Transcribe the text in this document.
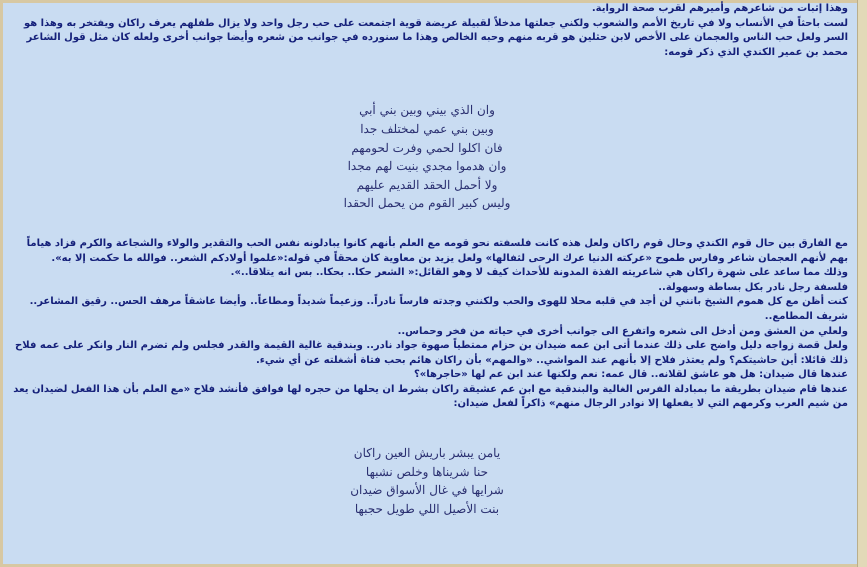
وهذا إثبات من شاعرهم وأميرهم لقرب صحة الرواية.

لست باحثاً في الأنساب ولا في تاريخ الأمم والشعوب ولكني جعلتها مدخلاً لقبيلة عريضة قوية اجتمعت على حب رجل واحد ولا يزال طفلهم يعرف راكان ويفتخر به وهذا هو السر ولعل حب الناس والعجمان على الأخص لابن حثلين هو قربه منهم وحبه الخالص وهذا ما سنورده في جوانب من شعره وأيضا جوانب أخرى ولعله كان مثل قول الشاعر محمد بن عمير الكندي الذي ذكر قومه:

وان الذي بيني وبين بني أبي
وبين بني عمي لمختلف جدا
فان اكلوا لحمي وفرت لحومهم
وان هدموا مجدي بنيت لهم مجدا
ولا أحمل الحقد القديم عليهم
وليس كبير القوم من يحمل الحقدا

مع الفارق بين حال قوم الكندي وحال قوم راكان ولعل هذه كانت فلسفته نحو قومه مع العلم بأنهم كانوا يبادلونه نفس الحب والتقدير والولاء والشجاعة والكرم فزاد هياماً بهم لأنهم العجمان شاعر وفارس طموح «عركته الدنيا عرك الرحى لثفالها» ولعل يزيد بن معاوية كان محقاً في قوله:«علموا أولادكم الشعر.. فوالله ما حكمت إلا به».

وذلك مما ساعد على شهرة راكان هي شاعريته الفذة المدونة للأحداث كيف لا وهو القائل:« الشعر حكا.. بحكا.. بس انه يتلاقا..».

فلسفة رجل نادر بكل بساطة وسهولة..

كنت أظن مع كل هموم الشيخ بانني لن أجد في قلبه محلا للهوى والحب ولكنني وجدته فارساً نادراً.. وزعيماً شديداً ومطاعاً.. وأيضا عاشقاً مرهف الحس.. رقيق المشاعر.. شريف المطامع..

ولعلي من العشق ومن أدخل الى شعره واتفرع الى جوانب أخرى في حياته من فخر وحماس..

ولعل قصة زواجه دليل واضح على ذلك عندما أتى ابن عمه ضيدان بن حزام ممتطياً صهوة جواد نادر.. وبندقية غالية القيمة والقدر فجلس ولم تضرم النار وانكر على عمه فلاح ذلك قائلا: أين حاشيتكم؟ ولم يعتذر فلاح إلا بأنهم عند المواشي.. «والمهم» بأن راكان هائم بحب فتاة أشغلته عن أي شيء.

عندها قال ضيدان: هل هو عاشق لقلانه.. قال عمه: نعم ولكنها عند ابن عم لها «حاجرها»؟

عندها قام ضيدان بطريقة ما بمبادلة الفرس الغالية والبندقية مع ابن عم عشيقة راكان بشرط ان يحلها من حجره لها فوافق فأنشد فلاح «مع العلم بأن هذا الفعل لضيدان يعد من شيم العرب وكرمهم التي لا يفعلها إلا نوادر الرجال منهم» ذاكراً لفعل ضيدان:

يامن يبشر باريش العين راكان
حنا شريناها وخلص نشبها
شرايها في غال الأسواق ضيدان
بنت الأصيل اللي طويل حجبها
